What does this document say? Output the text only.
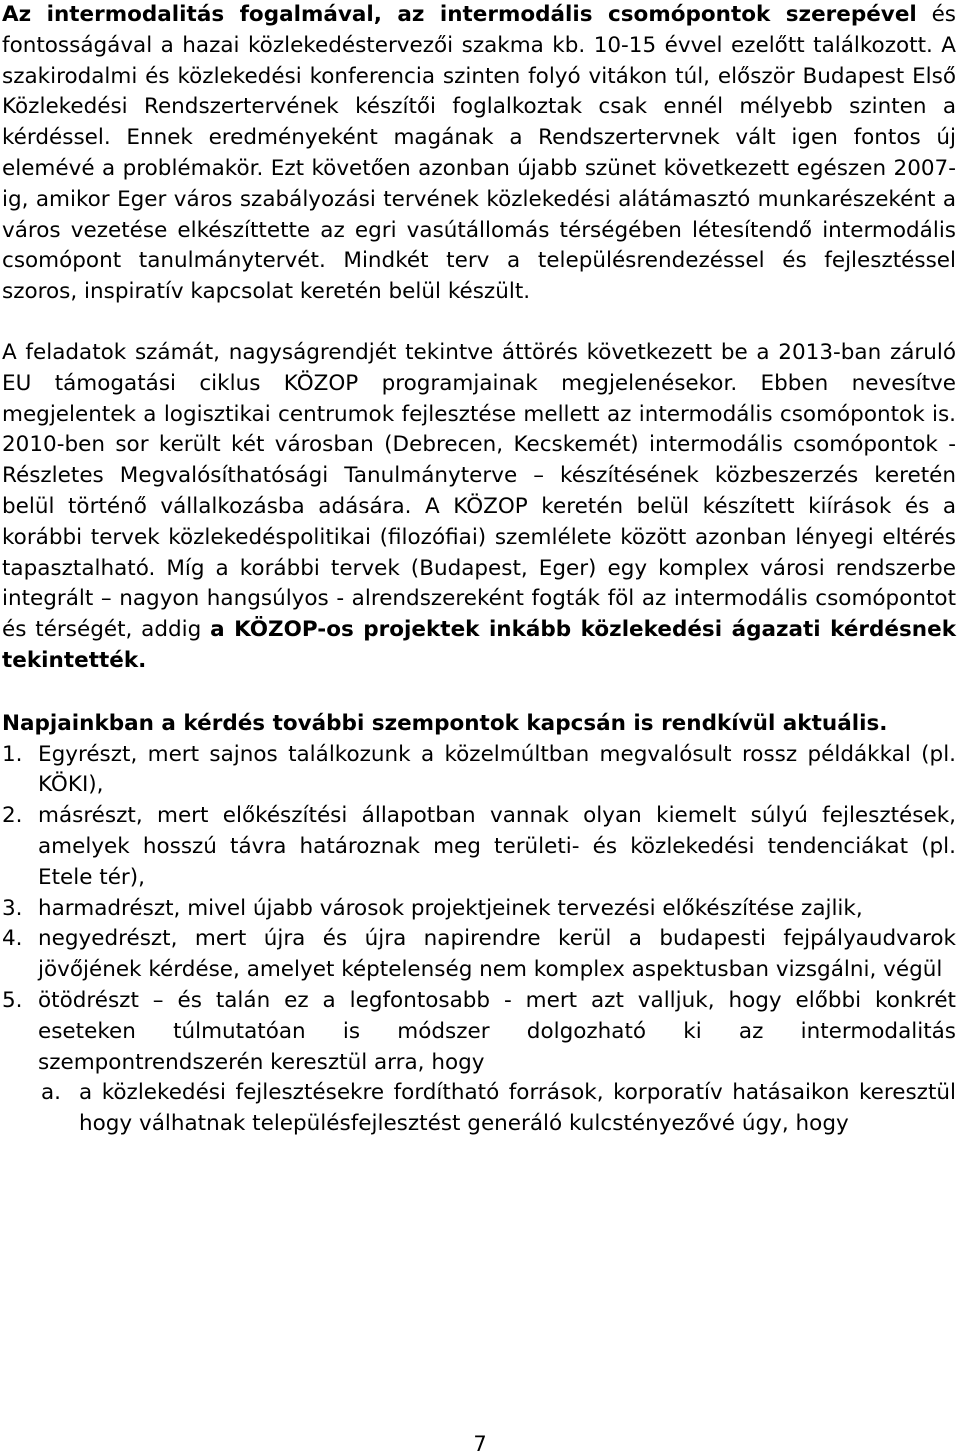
Az intermodalitás fogalmával, az intermodális csomópontok szerepével és fontosságával a hazai közlekedéstervezői szakma kb. 10-15 évvel ezelőtt találkozott. A szakirodalmi és közlekedési konferencia szinten folyó vitákon túl, először Budapest Első Közlekedési Rendszertervének készítői foglalkoztak csak ennél mélyebb szinten a kérdéssel. Ennek eredményeként magának a Rendszertervnek vált igen fontos új elemévé a problémakör. Ezt követően azonban újabb szünet következett egészen 2007-ig, amikor Eger város szabályozási tervének közlekedési alátámasztó munkarészeként a város vezetése elkészíttette az egri vasútállomás térségében létesítendő intermodális csomópont tanulmánytervét. Mindkét terv a településrendezéssel és fejlesztéssel szoros, inspiratív kapcsolat keretén belül készült.

A feladatok számát, nagyságrendjét tekintve áttörés következett be a 2013-ban záruló EU támogatási ciklus KÖZOP programjainak megjelenésekor. Ebben nevesítve megjelentek a logisztikai centrumok fejlesztése mellett az intermodális csomópontok is. 2010-ben sor került két városban (Debrecen, Kecskemét) intermodális csomópontok - Részletes Megvalósíthatósági Tanulmányterve – készítésének közbeszerzés keretén belül történő vállalkozásba adására. A KÖZOP keretén belül készített kiírások és a korábbi tervek közlekedéspolitikai (filozófiai) szemlélete között azonban lényegi eltérés tapasztalható. Míg a korábbi tervek (Budapest, Eger) egy komplex városi rendszerbe integrált – nagyon hangsúlyos - alrendszereként fogták föl az intermodális csomópontot és térségét, addig a KÖZOP-os projektek inkább közlekedési ágazati kérdésnek tekintették.

Napjainkban a kérdés további szempontok kapcsán is rendkívül aktuális.

1. Egyrészt, mert sajnos találkozunk a közelmúltban megvalósult rossz példákkal (pl. KÖKI),
2. másrészt, mert előkészítési állapotban vannak olyan kiemelt súlyú fejlesztések, amelyek hosszú távra határoznak meg területi- és közlekedési tendenciákat (pl. Etele tér),
3. harmadrészt, mivel újabb városok projektjeinek tervezési előkészítése zajlik,
4. negyedrészt, mert újra és újra napirendre kerül a budapesti fejpályaudvarok jövőjének kérdése, amelyet képtelenség nem komplex aspektusban vizsgálni, végül
5. ötödrészt – és talán ez a legfontosabb - mert azt valljuk, hogy előbbi konkrét eseteken túlmutatóan is módszer dolgozható ki az intermodalitás szempontrendszerén keresztül arra, hogy
a. a közlekedési fejlesztésekre fordítható források, korporatív hatásaikon keresztül hogy válhatnak településfejlesztést generáló kulcstényezővé úgy, hogy
7
